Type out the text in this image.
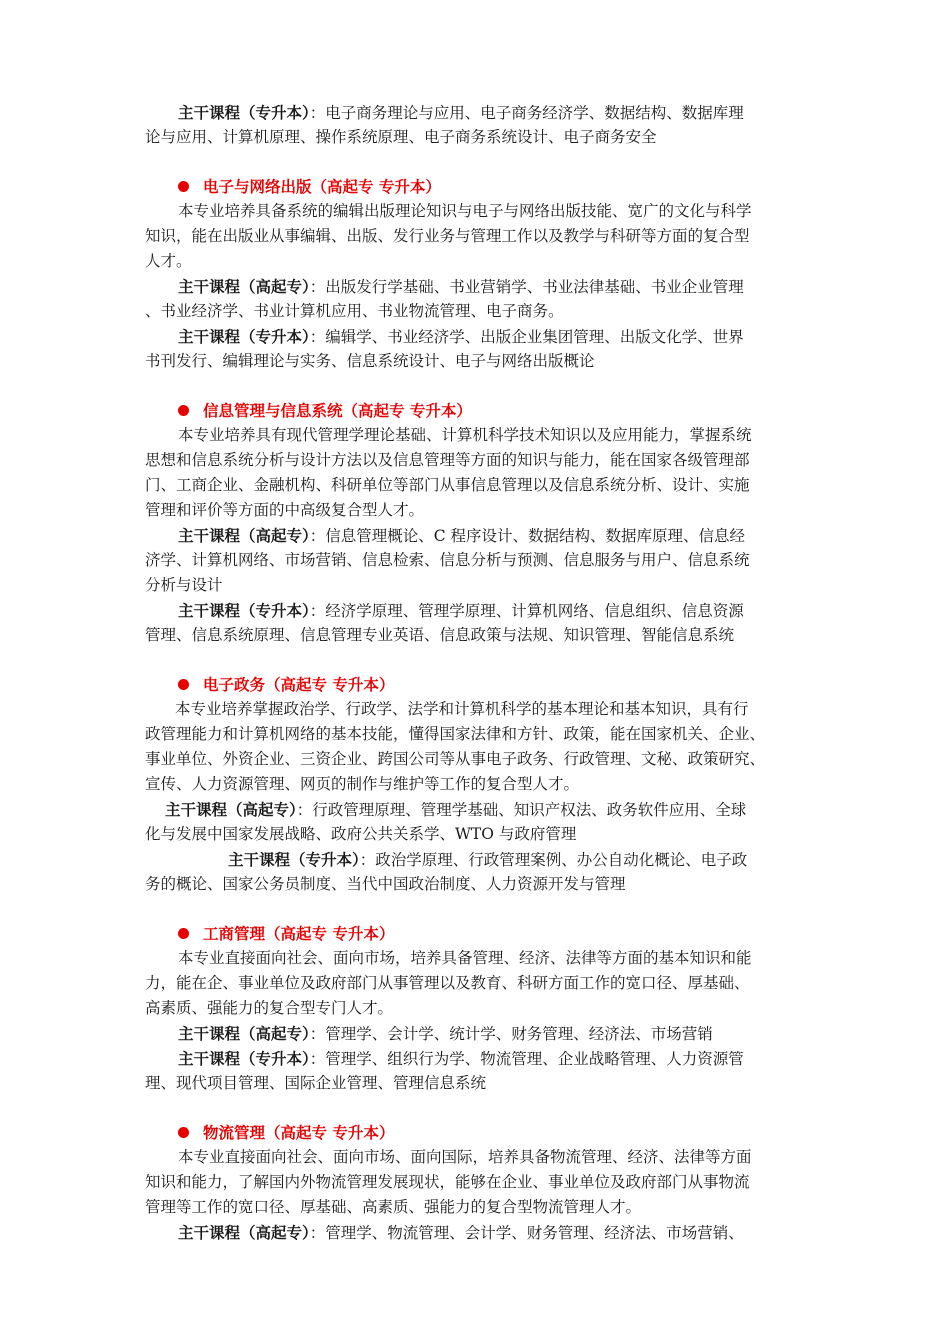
主干课程（专升本）：电子商务理论与应用、电子商务经济学、数据结构、数据库理
论与应用、计算机原理、操作系统原理、电子商务系统设计、电子商务安全
电子与网络出版（高起专 专升本）
本专业培养具备系统的编辑出版理论知识与电子与网络出版技能、宽广的文化与科学
知识，能在出版业从事编辑、出版、发行业务与管理工作以及教学与科研等方面的复合型
人才。
主干课程（高起专）：出版发行学基础、书业营销学、书业法律基础、书业企业管理
、书业经济学、书业计算机应用、书业物流管理、电子商务。
主干课程（专升本）：编辑学、书业经济学、出版企业集团管理、出版文化学、世界
书刊发行、编辑理论与实务、信息系统设计、电子与网络出版概论
信息管理与信息系统（高起专 专升本）
本专业培养具有现代管理学理论基础、计算机科学技术知识以及应用能力，掌握系统
思想和信息系统分析与设计方法以及信息管理等方面的知识与能力，能在国家各级管理部
门、工商企业、金融机构、科研单位等部门从事信息管理以及信息系统分析、设计、实施
管理和评价等方面的中高级复合型人才。
主干课程（高起专）：信息管理概论、C 程序设计、数据结构、数据库原理、信息经
济学、计算机网络、市场营销、信息检索、信息分析与预测、信息服务与用户、信息系统
分析与设计
主干课程（专升本）：经济学原理、管理学原理、计算机网络、信息组织、信息资源
管理、信息系统原理、信息管理专业英语、信息政策与法规、知识管理、智能信息系统
电子政务（高起专 专升本）
本专业培养掌握政治学、行政学、法学和计算机科学的基本理论和基本知识，具有行
政管理能力和计算机网络的基本技能，懂得国家法律和方针、政策，能在国家机关、企业、
事业单位、外资企业、三资企业、跨国公司等从事电子政务、行政管理、文秘、政策研究、
宣传、人力资源管理、网页的制作与维护等工作的复合型人才。
主干课程（高起专）：行政管理原理、管理学基础、知识产权法、政务软件应用、全球
化与发展中国家发展战略、政府公共关系学、WTO 与政府管理
主干课程（专升本）：政治学原理、行政管理案例、办公自动化概论、电子政
务的概论、国家公务员制度、当代中国政治制度、人力资源开发与管理
工商管理（高起专 专升本）
本专业直接面向社会、面向市场，培养具备管理、经济、法律等方面的基本知识和能
力，能在企、事业单位及政府部门从事管理以及教育、科研方面工作的宽口径、厚基础、
高素质、强能力的复合型专门人才。
主干课程（高起专）：管理学、会计学、统计学、财务管理、经济法、市场营销
主干课程（专升本）：管理学、组织行为学、物流管理、企业战略管理、人力资源管
理、现代项目管理、国际企业管理、管理信息系统
物流管理（高起专 专升本）
本专业直接面向社会、面向市场、面向国际，培养具备物流管理、经济、法律等方面
知识和能力，了解国内外物流管理发展现状，能够在企业、事业单位及政府部门从事物流
管理等工作的宽口径、厚基础、高素质、强能力的复合型物流管理人才。
主干课程（高起专）：管理学、物流管理、会计学、财务管理、经济法、市场营销、
